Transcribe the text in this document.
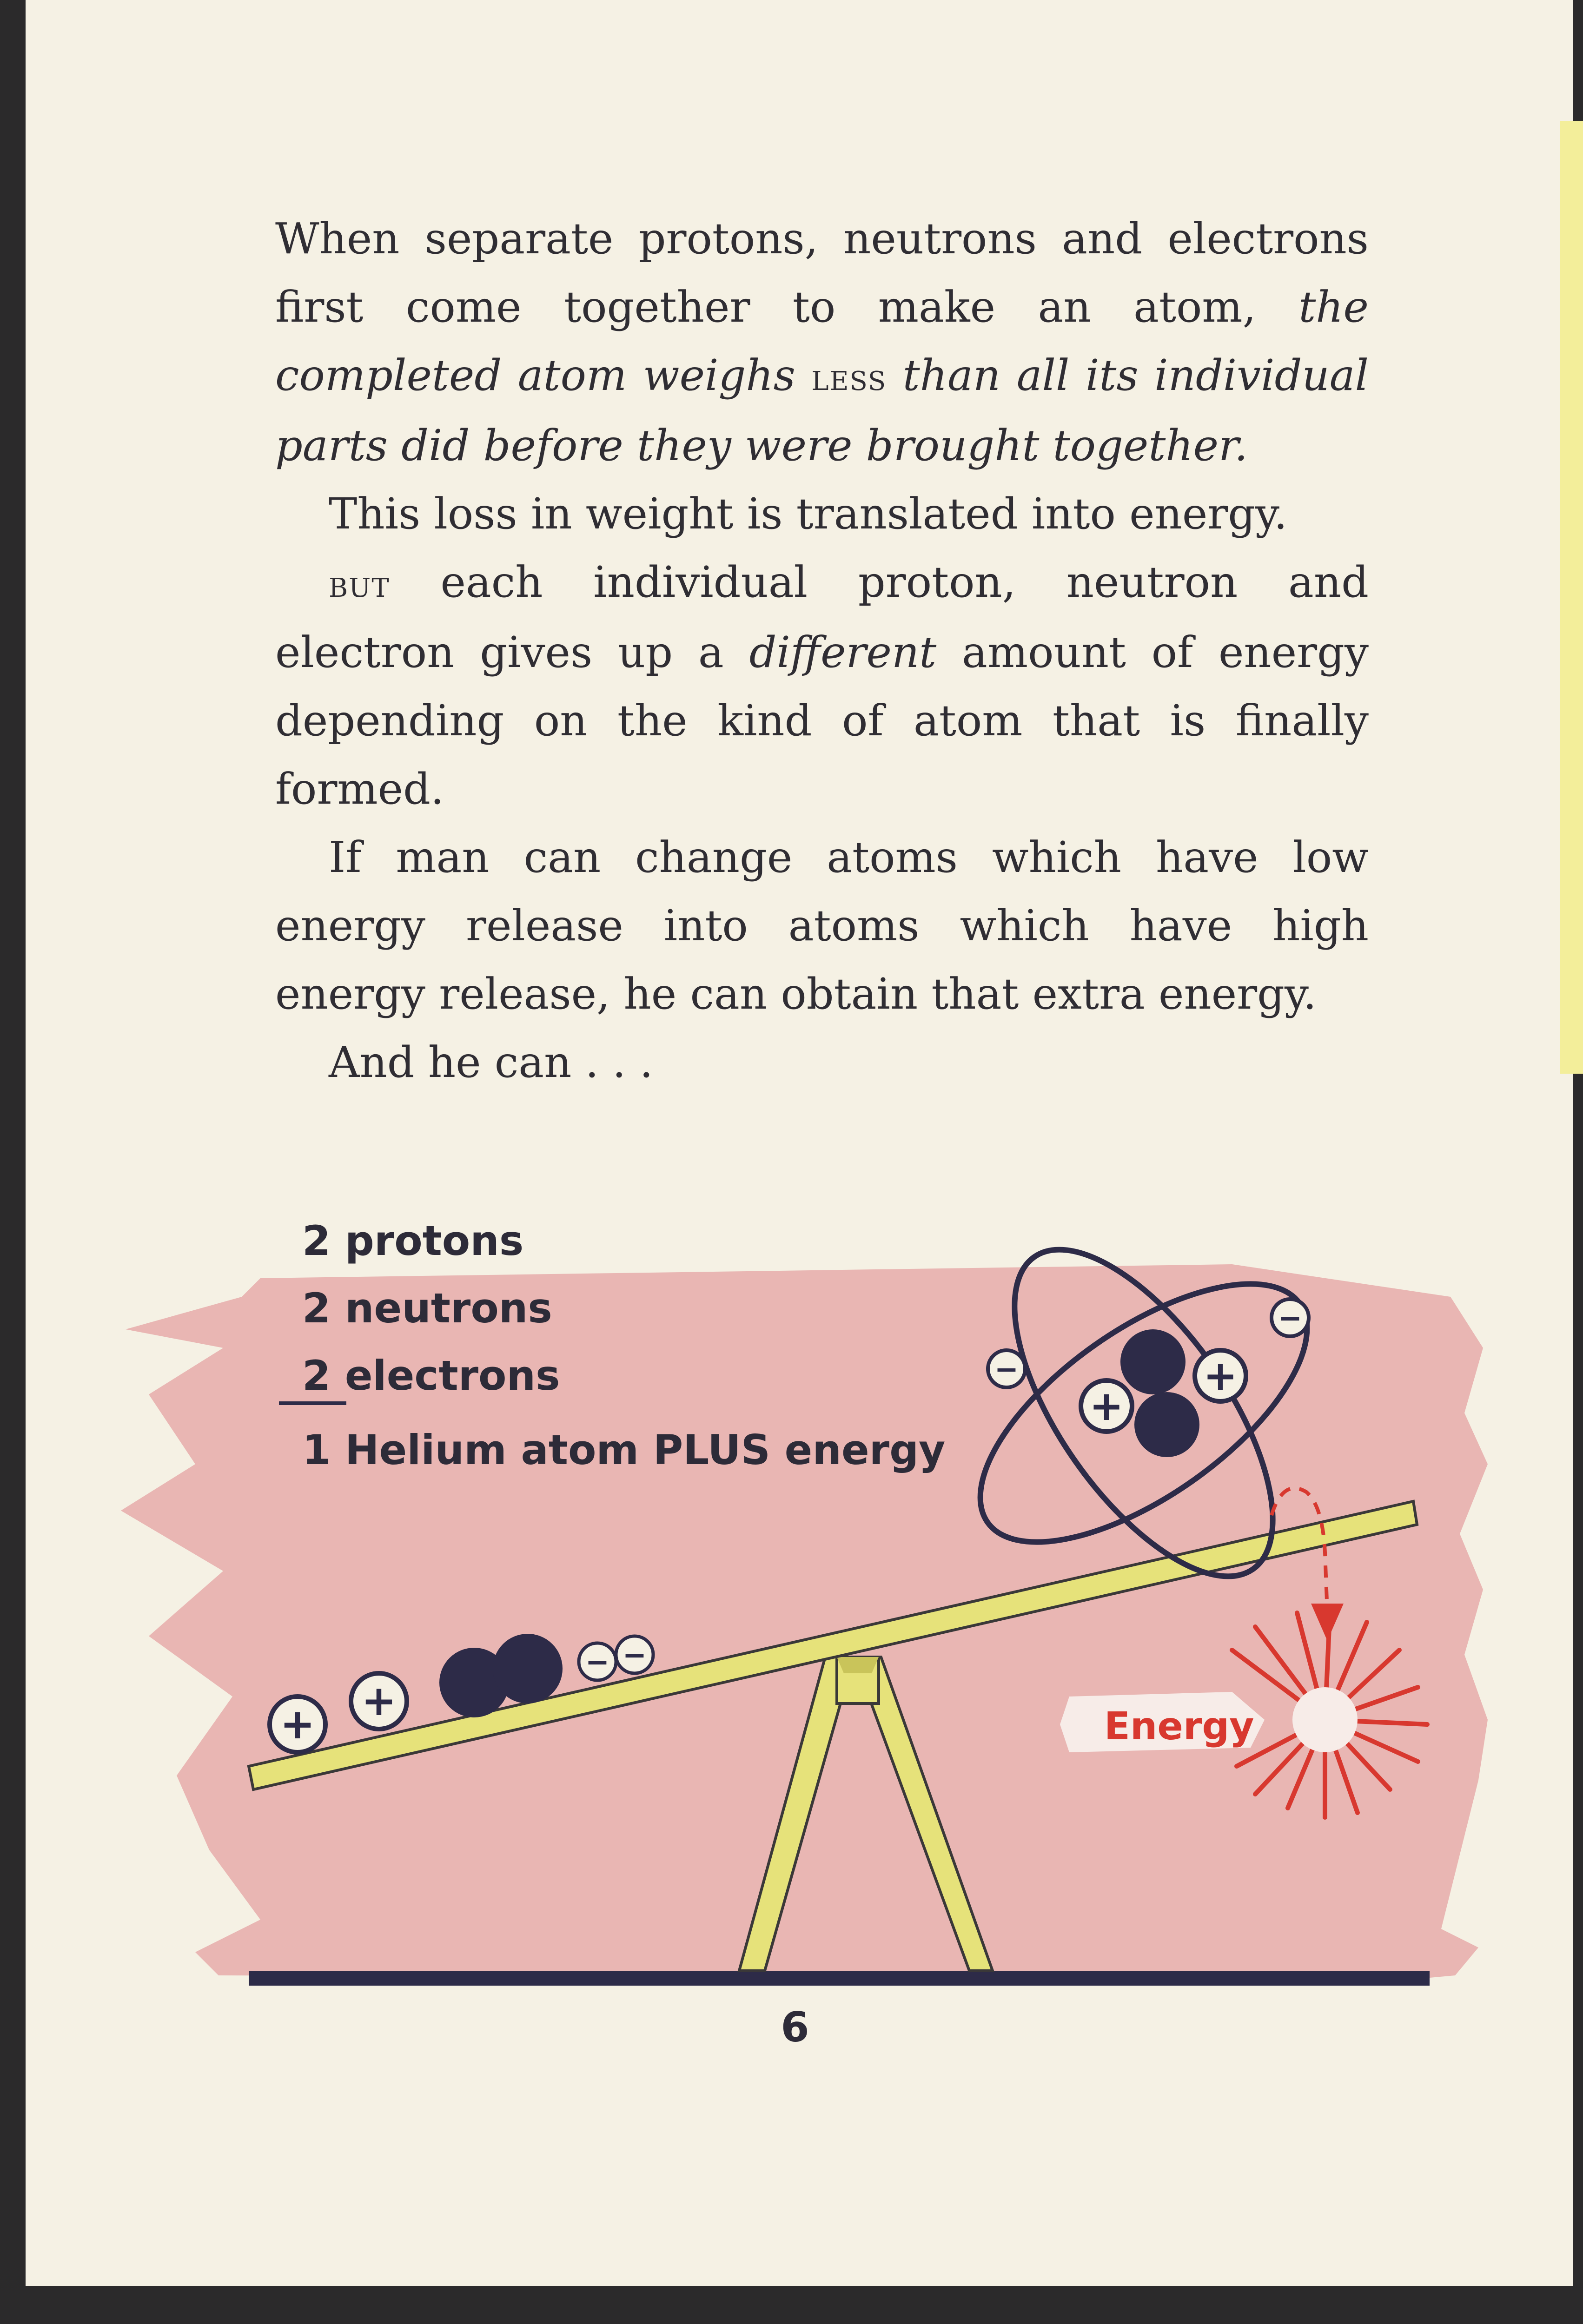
When separate protons, neutrons and electrons first come together to make an atom, the completed atom weighs less than all its individual parts did before they were brought together.

This loss in weight is translated into energy.

but each individual proton, neutron and electron gives up a different amount of energy depending on the kind of atom that is finally formed.

If man can change atoms which have low energy release into atoms which have high energy release, he can obtain that extra energy.

And he can . . .

+ +
− −
+
+
−
−
Energy
2 protons
2 neutrons
2 electrons
1 Helium atom PLUS energy
6
